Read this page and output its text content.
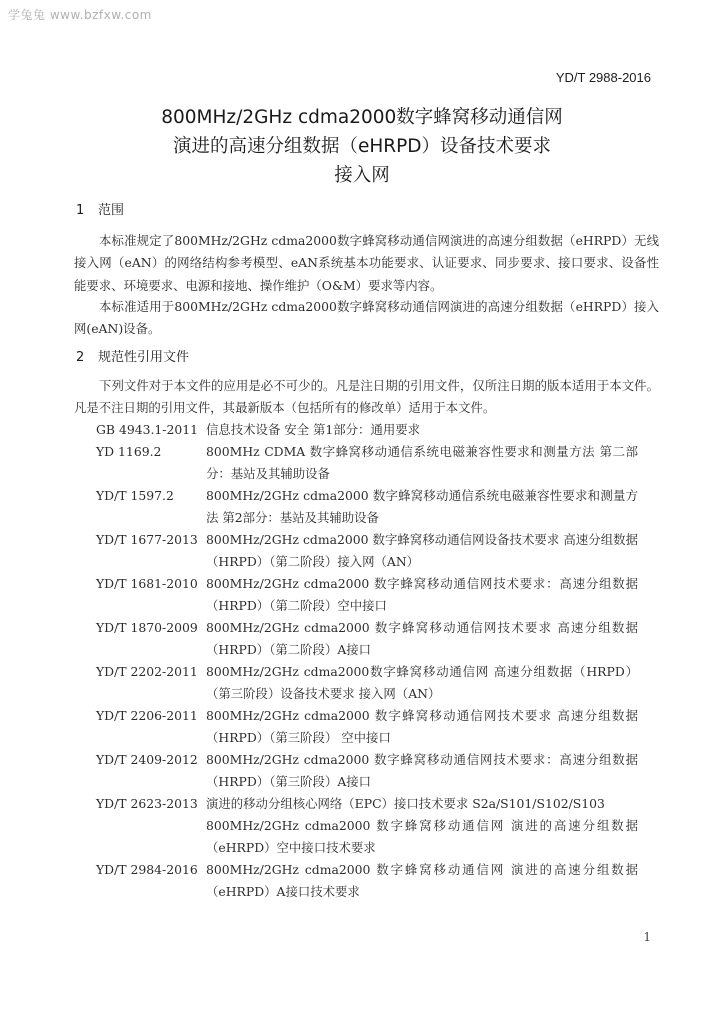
学兔兔 www.bzfxw.com
YD/T 2988-2016
800MHz/2GHz cdma2000数字蜂窝移动通信网
演进的高速分组数据（eHRPD）设备技术要求
接入网
1 范围
本标准规定了800MHz/2GHz cdma2000数字蜂窝移动通信网演进的高速分组数据（eHRPD）无线接入网（eAN）的网络结构参考模型、eAN系统基本功能要求、认证要求、同步要求、接口要求、设备性能要求、环境要求、电源和接地、操作维护（O&M）要求等内容。
本标准适用于800MHz/2GHz cdma2000数字蜂窝移动通信网演进的高速分组数据（eHRPD）接入网(eAN)设备。
2 规范性引用文件
下列文件对于本文件的应用是必不可少的。凡是注日期的引用文件，仅所注日期的版本适用于本文件。凡是不注日期的引用文件，其最新版本（包括所有的修改单）适用于本文件。
GB 4943.1-2011 信息技术设备 安全 第1部分：通用要求
YD 1169.2	800MHz CDMA 数字蜂窝移动通信系统电磁兼容性要求和测量方法 第二部分：基站及其辅助设备
YD/T 1597.2	800MHz/2GHz cdma2000 数字蜂窝移动通信系统电磁兼容性要求和测量方法 第2部分：基站及其辅助设备
YD/T 1677-2013 800MHz/2GHz cdma2000 数字蜂窝移动通信网设备技术要求 高速分组数据（HRPD）（第二阶段）接入网（AN）
YD/T 1681-2010 800MHz/2GHz cdma2000 数字蜂窝移动通信网技术要求：高速分组数据（HRPD）（第二阶段）空中接口
YD/T 1870-2009 800MHz/2GHz cdma2000 数字蜂窝移动通信网技术要求 高速分组数据（HRPD）（第二阶段）A接口
YD/T 2202-2011 800MHz/2GHz cdma2000数字蜂窝移动通信网 高速分组数据（HRPD）（第三阶段）设备技术要求 接入网（AN）
YD/T 2206-2011 800MHz/2GHz cdma2000 数字蜂窝移动通信网技术要求 高速分组数据（HRPD）（第三阶段） 空中接口
YD/T 2409-2012 800MHz/2GHz cdma2000 数字蜂窝移动通信网技术要求：高速分组数据（HRPD）（第三阶段）A接口
YD/T 2623-2013 演进的移动分组核心网络（EPC）接口技术要求 S2a/S101/S102/S103
800MHz/2GHz cdma2000 数字蜂窝移动通信网 演进的高速分组数据（eHRPD）空中接口技术要求
YD/T 2984-2016 800MHz/2GHz cdma2000 数字蜂窝移动通信网 演进的高速分组数据（eHRPD）A接口技术要求
1
